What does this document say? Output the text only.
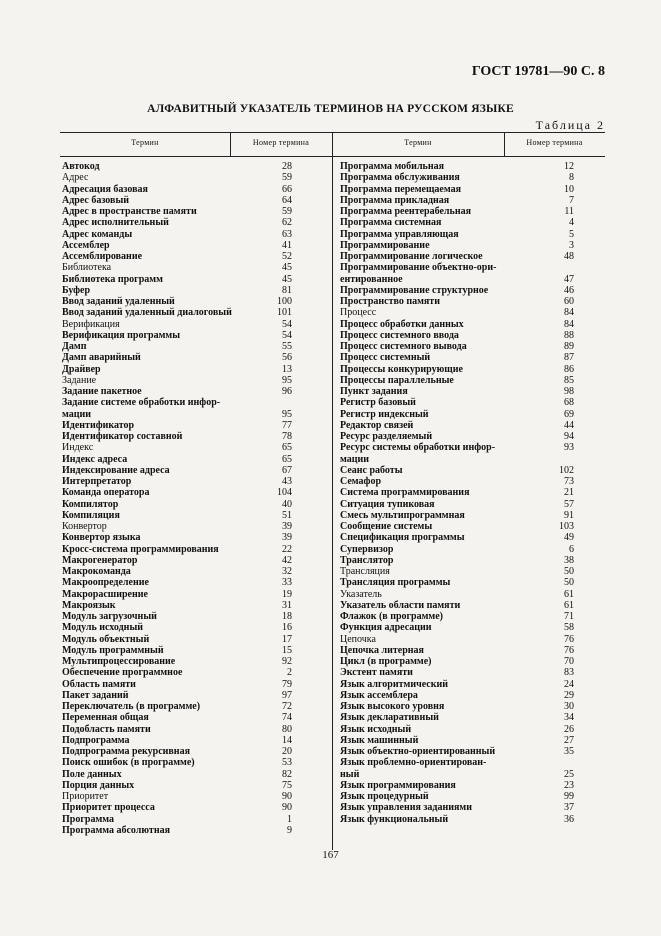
ГОСТ 19781—90 С. 8
АЛФАВИТНЫЙ УКАЗАТЕЛЬ ТЕРМИНОВ НА РУССКОМ ЯЗЫКЕ
Таблица 2
Термин	Номер термина	Термин	Номер термина
Автокод	28
Адрес	59
Адресация базовая	66
Адрес базовый	64
Адрес в пространстве памяти	59
Адрес исполнительный	62
Адрес команды	63
Ассемблер	41
Ассемблирование	52
Библиотека	45
Библиотека программ	45
Буфер	81
Ввод заданий удаленный	100
Ввод заданий удаленный диалоговый	101
Верификация	54
Верификация программы	54
Дамп	55
Дамп аварийный	56
Драйвер	13
Задание	95
Задание пакетное	96
Задание системе обработки инфор-
мации	95
Идентификатор	77
Идентификатор составной	78
Индекс	65
Индекс адреса	65
Индексирование адреса	67
Интерпретатор	43
Команда оператора	104
Компилятор	40
Компиляция	51
Конвертор	39
Конвертор языка	39
Кросс-система программирования	22
Макрогенератор	42
Макрокоманда	32
Макроопределение	33
Макрорасширение	19
Макроязык	31
Модуль загрузочный	18
Модуль исходный	16
Модуль объектный	17
Модуль программный	15
Мультипроцессирование	92
Обеспечение программное	2
Область памяти	79
Пакет заданий	97
Переключатель (в программе)	72
Переменная общая	74
Подобласть памяти	80
Подпрограмма	14
Подпрограмма рекурсивная	20
Поиск ошибок (в программе)	53
Поле данных	82
Порция данных	75
Приоритет	90
Приоритет процесса	90
Программа	1
Программа абсолютная	9
Программа мобильная	12
Программа обслуживания	8
Программа перемещаемая	10
Программа прикладная	7
Программа реентерабельная	11
Программа системная	4
Программа управляющая	5
Программирование	3
Программирование логическое	48
Программирование объектно-ори-
ентированное	47
Программирование структурное	46
Пространство памяти	60
Процесс	84
Процесс обработки данных	84
Процесс системного ввода	88
Процесс системного вывода	89
Процесс системный	87
Процессы конкурирующие	86
Процессы параллельные	85
Пункт задания	98
Регистр базовый	68
Регистр индексный	69
Редактор связей	44
Ресурс разделяемый	94
Ресурс системы обработки инфор-	93
мации
Сеанс работы	102
Семафор	73
Система программирования	21
Ситуация тупиковая	57
Смесь мультипрограммная	91
Сообщение системы	103
Спецификация программы	49
Супервизор	6
Транслятор	38
Трансляция	50
Трансляция программы	50
Указатель	61
Указатель области памяти	61
Флажок (в программе)	71
Функция адресации	58
Цепочка	76
Цепочка литерная	76
Цикл (в программе)	70
Экстент памяти	83
Язык алгоритмический	24
Язык ассемблера	29
Язык высокого уровня	30
Язык декларативный	34
Язык исходный	26
Язык машинный	27
Язык объектно-ориентированный	35
Язык проблемно-ориентирован-
ный	25
Язык программирования	23
Язык процедурный	99
Язык управления заданиями	37
Язык функциональный	36
167
